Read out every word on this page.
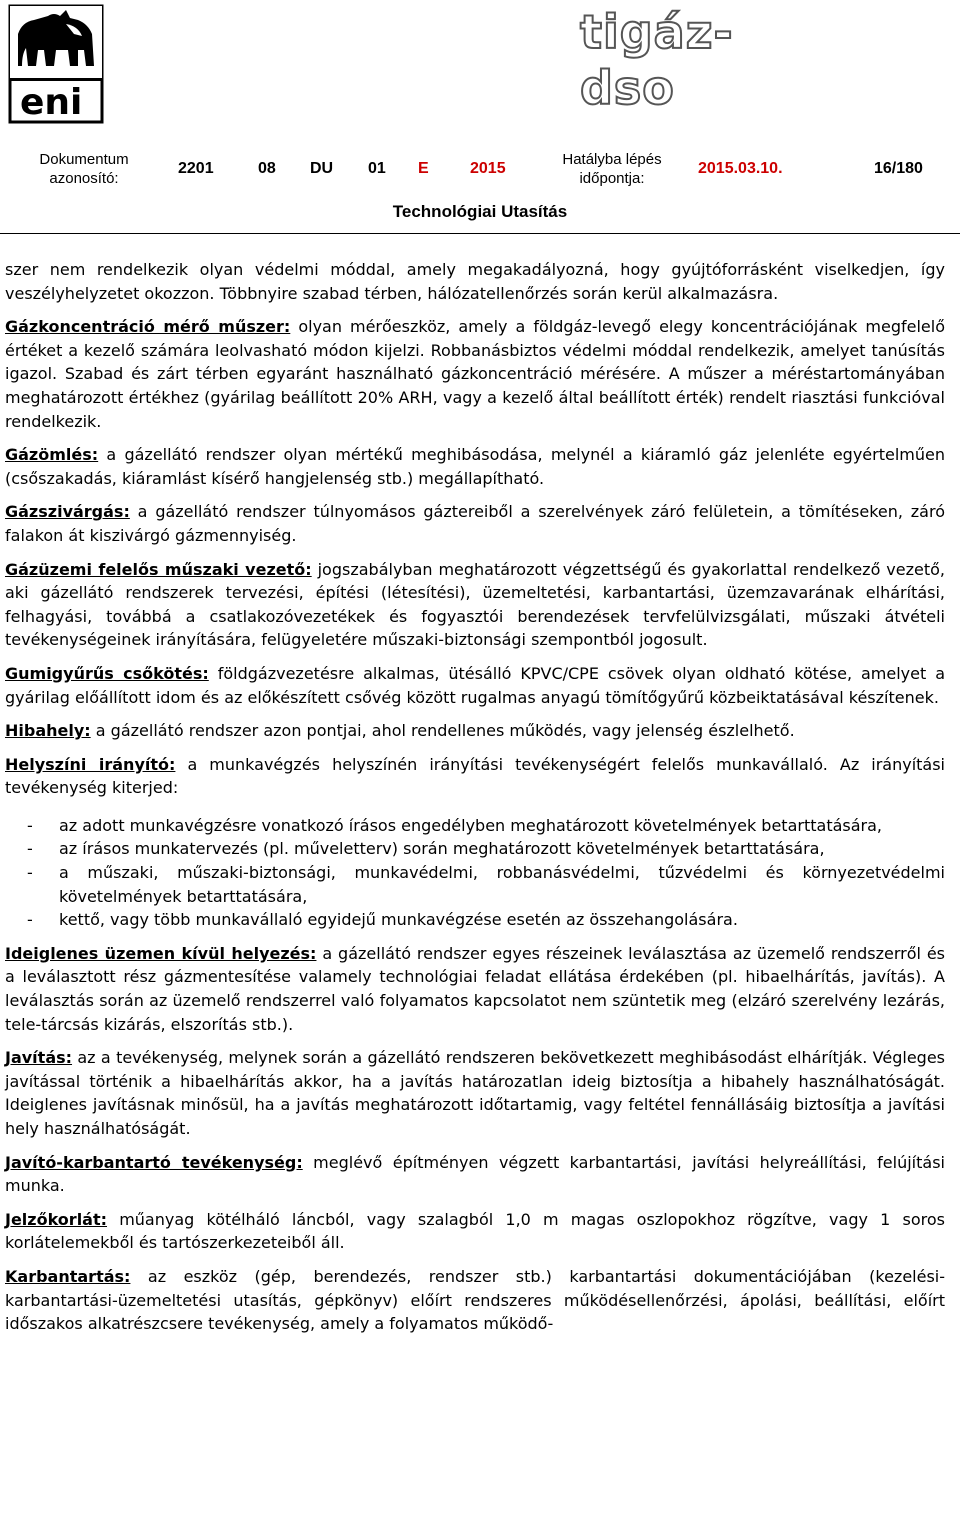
eni
tigáz-dso
Dokumentum azonosító:
2201	08 DU 01 E	2015
Hatályba lépés időpontja:
2015.03.10.	16/180
Technológiai Utasítás

szer nem rendelkezik olyan védelmi móddal, amely megakadályozná, hogy gyújtóforrásként viselkedjen, így veszélyhelyzetet okozzon. Többnyire szabad térben, hálózatellenőrzés során kerül alkalmazásra.

Gázkoncentráció mérő műszer: olyan mérőeszköz, amely a földgáz-levegő elegy koncentrációjának megfelelő értéket a kezelő számára leolvasható módon kijelzi. Robbanásbiztos védelmi móddal rendelkezik, amelyet tanúsítás igazol. Szabad és zárt térben egyaránt használható gázkoncentráció mérésére. A műszer a méréstartományában meghatározott értékhez (gyárilag beállított 20% ARH, vagy a kezelő által beállított érték) rendelt riasztási funkcióval rendelkezik.

Gázömlés: a gázellátó rendszer olyan mértékű meghibásodása, melynél a kiáramló gáz jelenléte egyértelműen (csőszakadás, kiáramlást kísérő hangjelenség stb.) megállapítható.

Gázszivárgás: a gázellátó rendszer túlnyomásos gáztereiből a szerelvények záró felületein, a tömítéseken, záró falakon át kiszivárgó gázmennyiség.

Gázüzemi felelős műszaki vezető: jogszabályban meghatározott végzettségű és gyakorlattal rendelkező vezető, aki gázellátó rendszerek tervezési, építési (létesítési), üzemeltetési, karbantartási, üzemzavarának elhárítási, felhagyási, továbbá a csatlakozóvezetékek és fogyasztói berendezések tervfelülvizsgálati, műszaki átvételi tevékenységeinek irányítására, felügyeletére műszaki-biztonsági szempontból jogosult.

Gumigyűrűs csőkötés: földgázvezetésre alkalmas, ütésálló KPVC/CPE csövek olyan oldható kötése, amelyet a gyárilag előállított idom és az előkészített csővég között rugalmas anyagú tömítőgyűrű közbeiktatásával készítenek.

Hibahely: a gázellátó rendszer azon pontjai, ahol rendellenes működés, vagy jelenség észlelhető.

Helyszíni irányító: a munkavégzés helyszínén irányítási tevékenységért felelős munkavállaló. Az irányítási tevékenység kiterjed:

- az adott munkavégzésre vonatkozó írásos engedélyben meghatározott követelmények betarttatására,
- az írásos munkatervezés (pl. műveletterv) során meghatározott követelmények betarttatására,
- a műszaki, műszaki-biztonsági, munkavédelmi, robbanásvédelmi, tűzvédelmi és környezetvédelmi követelmények betarttatására,
- kettő, vagy több munkavállaló egyidejű munkavégzése esetén az összehangolására.

Ideiglenes üzemen kívül helyezés: a gázellátó rendszer egyes részeinek leválasztása az üzemelő rendszerről és a leválasztott rész gázmentesítése valamely technológiai feladat ellátása érdekében (pl. hibaelhárítás, javítás). A leválasztás során az üzemelő rendszerrel való folyamatos kapcsolatot nem szüntetik meg (elzáró szerelvény lezárás, tele-tárcsás kizárás, elszorítás stb.).

Javítás: az a tevékenység, melynek során a gázellátó rendszeren bekövetkezett meghibásodást elhárítják. Végleges javítással történik a hibaelhárítás akkor, ha a javítás határozatlan ideig biztosítja a hibahely használhatóságát. Ideiglenes javításnak minősül, ha a javítás meghatározott időtartamig, vagy feltétel fennállásáig biztosítja a javítási hely használhatóságát.

Javító-karbantartó tevékenység: meglévő építményen végzett karbantartási, javítási helyreállítási, felújítási munka.

Jelzőkorlát: műanyag kötélháló láncból, vagy szalagból 1,0 m magas oszlopokhoz rögzítve, vagy 1 soros korlátelemekből és tartószerkezeteiből áll.

Karbantartás: az eszköz (gép, berendezés, rendszer stb.) karbantartási dokumentációjában (kezelési-karbantartási-üzemeltetési utasítás, gépkönyv) előírt rendszeres működésellenőrzési, ápolási, beállítási, előírt időszakos alkatrészcsere tevékenység, amely a folyamatos működő-
